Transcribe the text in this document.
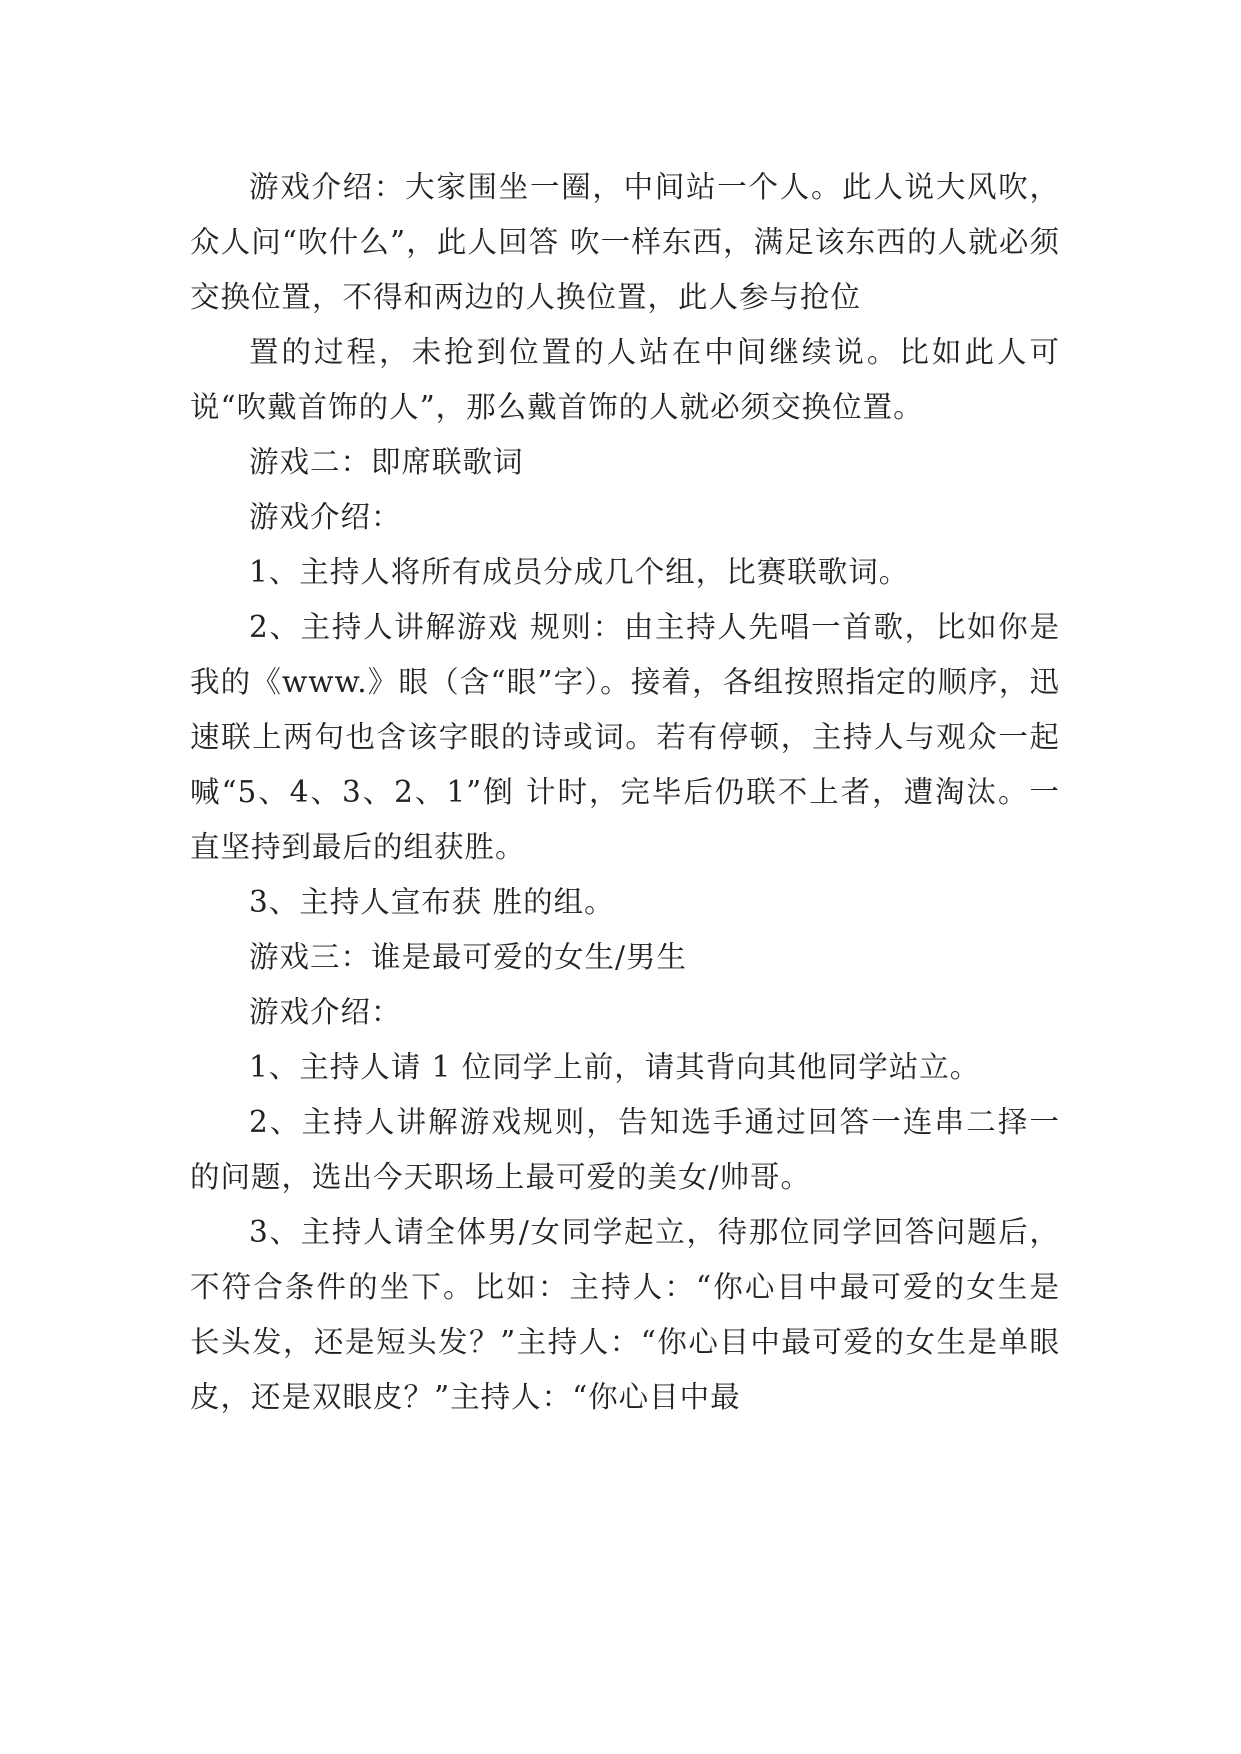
游戏介绍：大家围坐一圈，中间站一个人。此人说大风吹，众人问“吹什么”，此人回答 吹一样东西，满足该东西的人就必须交换位置，不得和两边的人换位置，此人参与抢位

置的过程，未抢到位置的人站在中间继续说。比如此人可说“吹戴首饰的人”，那么戴首饰的人就必须交换位置。

游戏二：即席联歌词

游戏介绍：

1、主持人将所有成员分成几个组，比赛联歌词。

2、主持人讲解游戏 规则：由主持人先唱一首歌，比如你是我的《www.》眼（含“眼”字）。接着，各组按照指定的顺序，迅速联上两句也含该字眼的诗或词。若有停顿，主持人与观众一起喊“5、4、3、2、1”倒 计时，完毕后仍联不上者，遭淘汰。一直坚持到最后的组获胜。

3、主持人宣布获 胜的组。

游戏三：谁是最可爱的女生/男生

游戏介绍：

1、主持人请 1 位同学上前，请其背向其他同学站立。

2、主持人讲解游戏规则，告知选手通过回答一连串二择一的问题，选出今天职场上最可爱的美女/帅哥。

3、主持人请全体男/女同学起立，待那位同学回答问题后，不符合条件的坐下。比如：主持人：“你心目中最可爱的女生是长头发，还是短头发？”主持人：“你心目中最可爱的女生是单眼皮，还是双眼皮？”主持人：“你心目中最
